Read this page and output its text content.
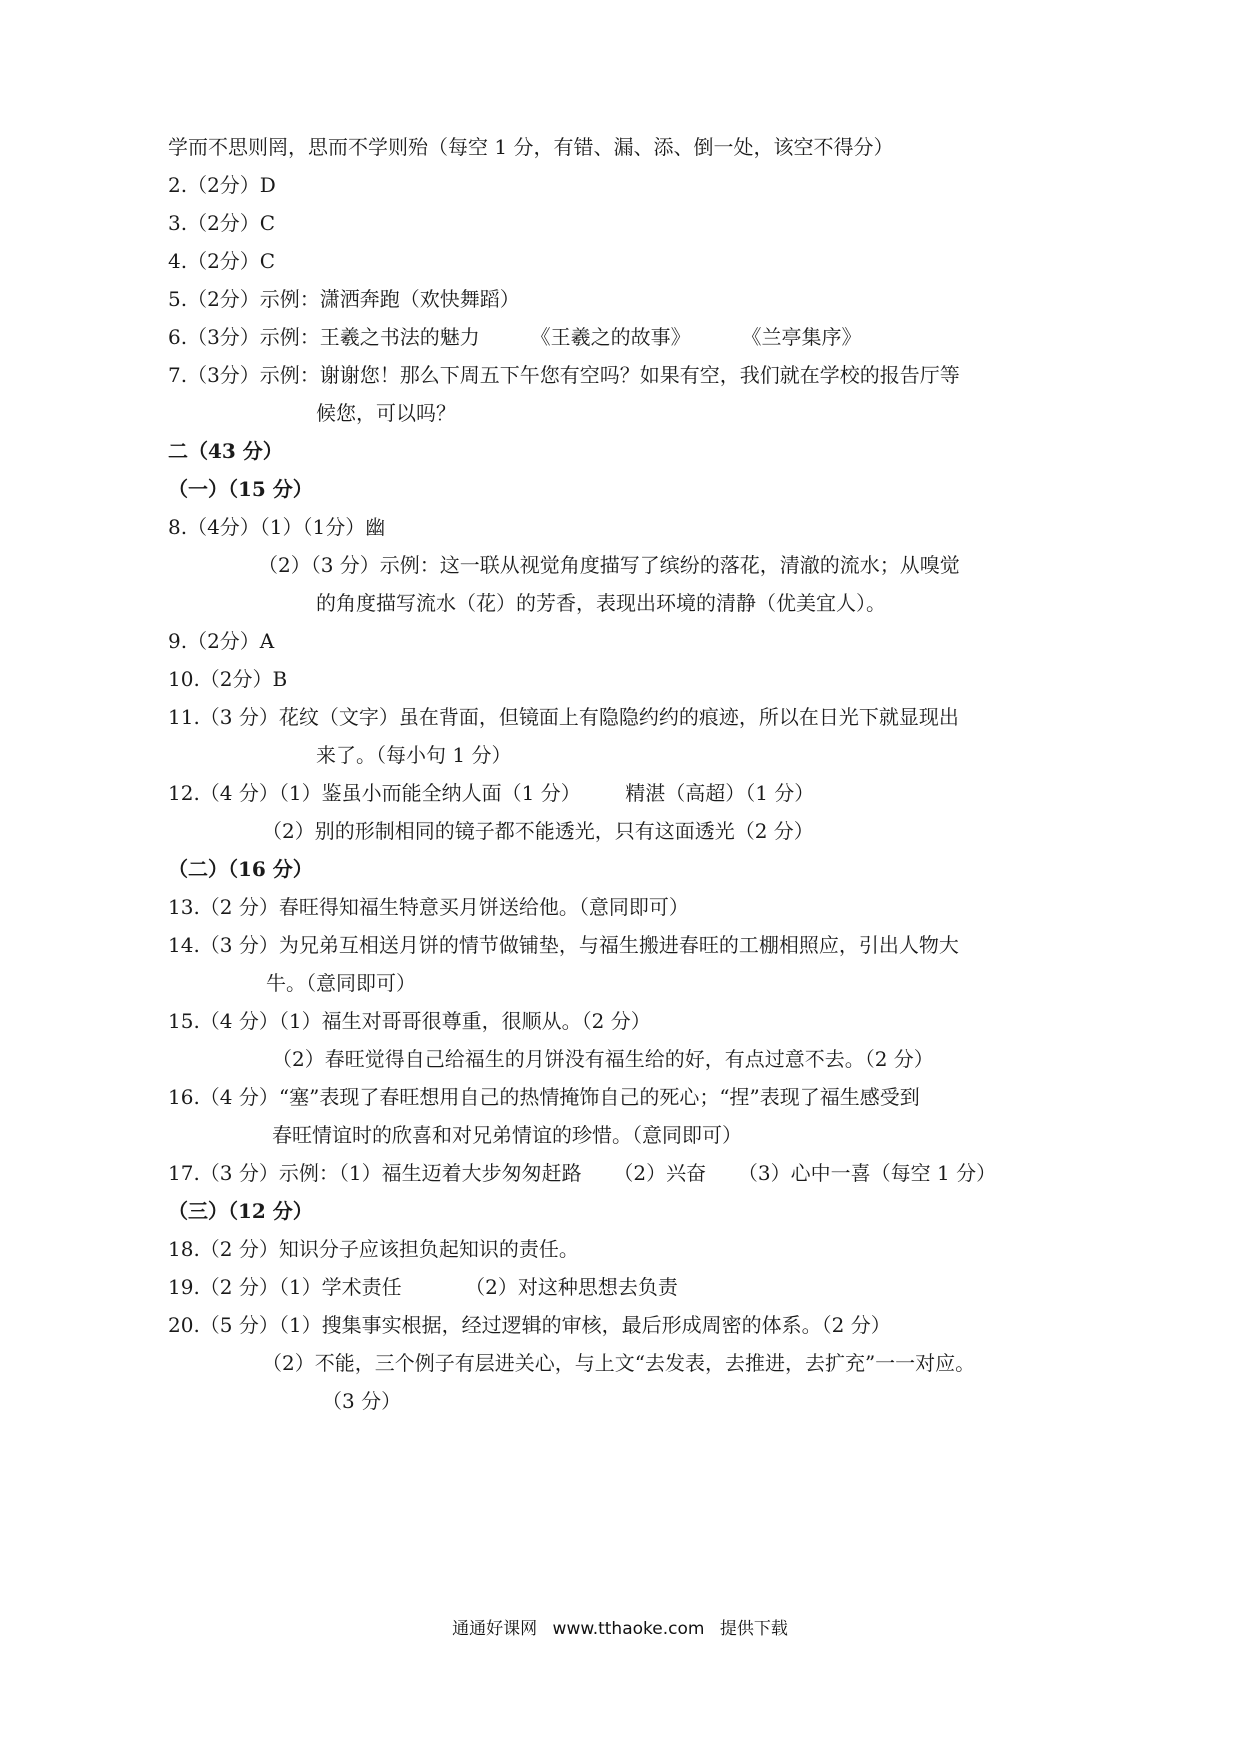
学而不思则罔，思而不学则殆（每空 1 分，有错、漏、添、倒一处，该空不得分）
2.（2分）D
3.（2分）C
4.（2分）C
5.（2分）示例：潇洒奔跑（欢快舞蹈）
6.（3分）示例：王羲之书法的魅力        《王羲之的故事》        《兰亭集序》
7.（3分）示例：谢谢您！那么下周五下午您有空吗？如果有空，我们就在学校的报告厅等
候您，可以吗？
二（43 分）
（一）（15 分）
8.（4分）（1）（1分）幽
（2）（3 分）示例：这一联从视觉角度描写了缤纷的落花，清澈的流水；从嗅觉
的角度描写流水（花）的芳香，表现出环境的清静（优美宜人）。
9.（2分）A
10.（2分）B
11.（3 分）花纹（文字）虽在背面，但镜面上有隐隐约约的痕迹，所以在日光下就显现出
来了。（每小句 1 分）
12.（4 分）（1）鉴虽小而能全纳人面（1 分）       精湛（高超）（1 分）
（2）别的形制相同的镜子都不能透光，只有这面透光（2 分）
（二）（16 分）
13.（2 分）春旺得知福生特意买月饼送给他。（意同即可）
14.（3 分）为兄弟互相送月饼的情节做铺垫，与福生搬进春旺的工棚相照应，引出人物大
牛。（意同即可）
15.（4 分）（1）福生对哥哥很尊重，很顺从。（2 分）
（2）春旺觉得自己给福生的月饼没有福生给的好，有点过意不去。（2 分）
16.（4 分）“塞”表现了春旺想用自己的热情掩饰自己的死心；“捏”表现了福生感受到
春旺情谊时的欣喜和对兄弟情谊的珍惜。（意同即可）
17.（3 分）示例：（1）福生迈着大步匆匆赶路     （2）兴奋     （3）心中一喜（每空 1 分）
（三）（12 分）
18.（2 分）知识分子应该担负起知识的责任。
19.（2 分）（1）学术责任          （2）对这种思想去负责
20.（5 分）（1）搜集事实根据，经过逻辑的审核，最后形成周密的体系。（2 分）
（2）不能，三个例子有层进关心，与上文“去发表，去推进，去扩充”一一对应。
（3 分）
通通好课网 www.tthaoke.com 提供下载
